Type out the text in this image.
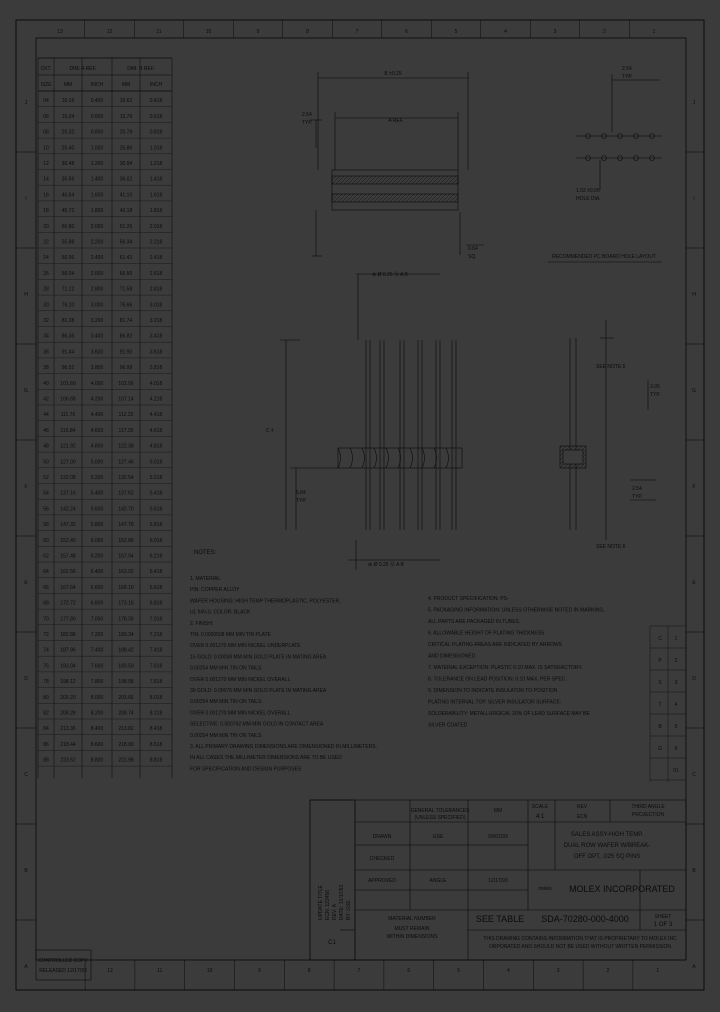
13	12	11	10	9	8	7	6	5	4	3	2	1
12	11	10	9	8	7	6	5	4	3	2	1
J
I
H
G
F
E
D
C
B
A
J
I
H
G
F
E
D
C
B
A
CKT.	DIM. A REF.	DIM. B REF.
SIZE MM	INCH	MM	INCH
04	10.16	0.400	10.62	0.418
06	15.24	0.600	15.70	0.618
08	20.32	0.800	20.78	0.818
10	25.40	1.000	25.86	1.018
12	30.48	1.200	30.94	1.218
14	35.56	1.400	36.02	1.418
16	40.64	1.600	41.10	1.618
18	45.72	1.800	46.18	1.818
20	50.80	2.000	51.26	2.018
22	55.88	2.200	56.34	2.218
24	60.96	2.400	61.42	2.418
26	66.04	2.600	66.50	2.618
28	71.12	2.800	71.58	2.818
30	76.20	3.000	76.66	3.018
32	81.28	3.200	81.74	3.218
34	86.36	3.400	86.82	3.418
36	91.44	3.600	91.90	3.618
38	96.52	3.800	96.98	3.818
40 101.60	4.000	102.06	4.018
42 106.68	4.200	107.14	4.218
44 111.76	4.400	112.22	4.418
46 116.84	4.600	117.30	4.618
48 121.92	4.800	122.38	4.818
50 127.00	5.000	127.46	5.018
52 132.08	5.200	132.54	5.218
54 137.16	5.400	137.62	5.418
56 142.24	5.600	142.70	5.618
58 147.32	5.800	147.78	5.818
60 152.40	6.000	152.86	6.018
62 157.48	6.200	157.94	6.218
64 162.56	6.400	163.02	6.418
66 167.64	6.600	168.10	6.618
68 172.72	6.800	173.18	6.818
70 177.80	7.000	178.26	7.018
72 182.88	7.200	183.34	7.218
74 187.96	7.400	188.42	7.418
76 193.04	7.600	193.50	7.618
78 198.12	7.800	198.58	7.818
80 203.20	8.000	203.66	8.018
82 208.28	8.200	208.74	8.218
84 213.36	8.400	213.82	8.418
86 218.44	8.600	218.90	8.618
88 223.52	8.800	223.98	8.818
C	1
P	2
S	3
T	4
B	5
G	6
01
B ±0.25
A REF.
2.54
TYP.
2.54
TYP.
RECOMMENDED PC BOARD HOLE LAYOUT
1.02 ±0.05
HOLE DIA.
⊕ Ø 0.25 Ⓜ A B
⊕ Ø 0.25 Ⓜ A B
SEE NOTE 5
SEE NOTE 6
C ±
3.05
TYP.
2.54
TYP.
5.84
TYP.
0.64
SQ.
NOTES:
1. MATERIAL:
PIN: COPPER ALLOY
WAFER HOUSING: HIGH TEMP THERMOPLASTIC, POLYESTER,
UL 94V-0, COLOR: BLACK
2. FINISH:
TIN: 0.0000508 MM MIN TIN PLATE
OVER 0.001270 MM MIN NICKEL UNDERPLATE
15 GOLD: 0.00038 MM MIN GOLD PLATE IN MATING AREA
0.00254 MM MIN TIN ON TAILS
OVER 0.001270 MM MIN NICKEL OVERALL
30 GOLD: 0.00076 MM MIN GOLD PLATE IN MATING AREA
0.00254 MM MIN TIN ON TAILS
OVER 0.001270 MM MIN NICKEL OVERALL
SELECTIVE: 0.000762 MM MIN GOLD IN CONTACT AREA
0.00254 MM MIN TIN ON TAILS
3. ALL PRIMARY DRAWING DIMENSIONS ARE DIMENSIONED IN MILLIMETERS.
IN ALL CASES THE MILLIMETER DIMENSIONS ARE TO BE USED
FOR SPECIFICATION AND DESIGN PURPOSES
4. PRODUCT SPECIFICATION: PS-
5. PACKAGING INFORMATION: UNLESS OTHERWISE NOTED IN MARKING,
ALL PARTS ARE PACKAGED IN TUBES.
6. ALLOWABLE HEIGHT OF PLATING THICKNESS.
CRITICAL PLATING AREAS ARE INDICATED BY ARROWS
AND DIMENSIONED.
7. MATERIAL EXCEPTION: PLASTIC 0.10 MAX. IS SATISFACTORY.
8. TOLERANCE ON LEAD POSITION: 0.10 MAX. PER SPEC.
9. DIMENSION TO INDICATE INSULATOR TO POSITION
PLATING INTERVAL TOP. SILVER INSULATOR SURFACE:
SOLDERABILITY: METALLURGICAL 20% OF LEAD SURFACE MAY BE
SILVER COATED
GENERAL TOLERANCES
(UNLESS SPECIFIED)
MM
SCALE
4:1
REV
ECN
THIRD ANGLE
PROJECTION
DRAWN
CHECKED
APPROVED
GSE	09/01/93
12/17/93
ANGLE
SALES ASSY-HIGH TEMP.
DUAL ROW WAFER W/BREAK-
OFF OPT, .025 SQ PINS
molex MOLEX INCORPORATED
SEE TABLE SDA-70280-000-4000	SHEET
1 OF 3
THIS DRAWING CONTAINS INFORMATION THAT IS PROPRIETARY TO MOLEX INC
ORPORATED AND SHOULD NOT BE USED WITHOUT WRITTEN PERMISSION
MATERIAL NUMBER
MUST REMAIN
WITHIN DIMENSIONS
C1
UPDATE TITLE ECN: 123456 REV: A DATE: 12/17/93 BY: GSE
CONTROLLED COPY
RELEASED 12/17/93
